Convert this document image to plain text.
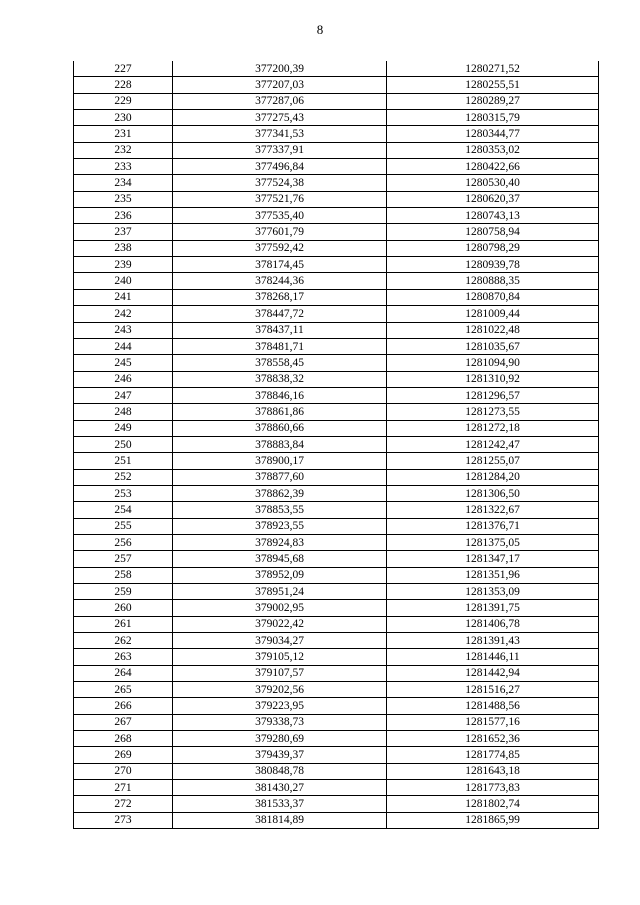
8
227	377200,39	1280271,52
228	377207,03	1280255,51
229	377287,06	1280289,27
230	377275,43	1280315,79
231	377341,53	1280344,77
232	377337,91	1280353,02
233	377496,84	1280422,66
234	377524,38	1280530,40
235	377521,76	1280620,37
236	377535,40	1280743,13
237	377601,79	1280758,94
238	377592,42	1280798,29
239	378174,45	1280939,78
240	378244,36	1280888,35
241	378268,17	1280870,84
242	378447,72	1281009,44
243	378437,11	1281022,48
244	378481,71	1281035,67
245	378558,45	1281094,90
246	378838,32	1281310,92
247	378846,16	1281296,57
248	378861,86	1281273,55
249	378860,66	1281272,18
250	378883,84	1281242,47
251	378900,17	1281255,07
252	378877,60	1281284,20
253	378862,39	1281306,50
254	378853,55	1281322,67
255	378923,55	1281376,71
256	378924,83	1281375,05
257	378945,68	1281347,17
258	378952,09	1281351,96
259	378951,24	1281353,09
260	379002,95	1281391,75
261	379022,42	1281406,78
262	379034,27	1281391,43
263	379105,12	1281446,11
264	379107,57	1281442,94
265	379202,56	1281516,27
266	379223,95	1281488,56
267	379338,73	1281577,16
268	379280,69	1281652,36
269	379439,37	1281774,85
270	380848,78	1281643,18
271	381430,27	1281773,83
272	381533,37	1281802,74
273	381814,89	1281865,99
